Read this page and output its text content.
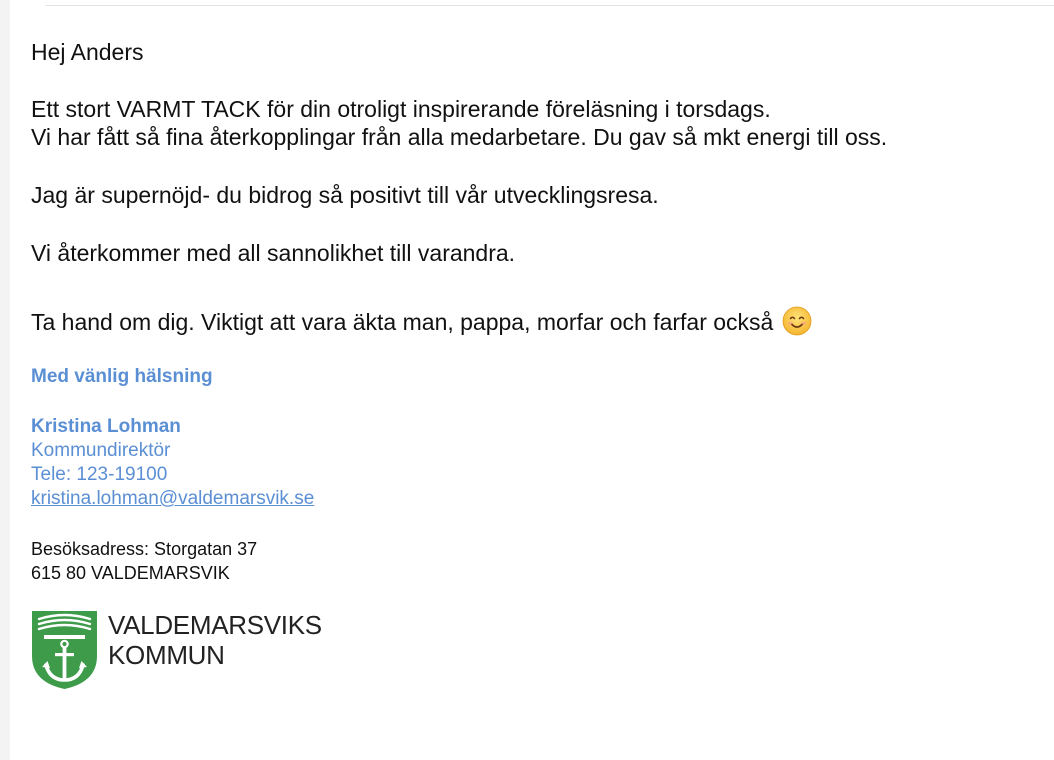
Hej Anders

Ett stort VARMT TACK för din otroligt inspirerande föreläsning i torsdags.
Vi har fått så fina återkopplingar från alla medarbetare. Du gav så mkt energi till oss.

Jag är supernöjd- du bidrog så positivt till vår utvecklingsresa.

Vi återkommer med all sannolikhet till varandra.

Ta hand om dig. Viktigt att vara äkta man, pappa, morfar och farfar också

Med vänlig hälsning

Kristina Lohman

Kommundirektör

Tele: 123-19100

kristina.lohman@valdemarsvik.se

Besöksadress: Storgatan 37

615 80 VALDEMARSVIK

VALDEMARSVIKS
KOMMUN
